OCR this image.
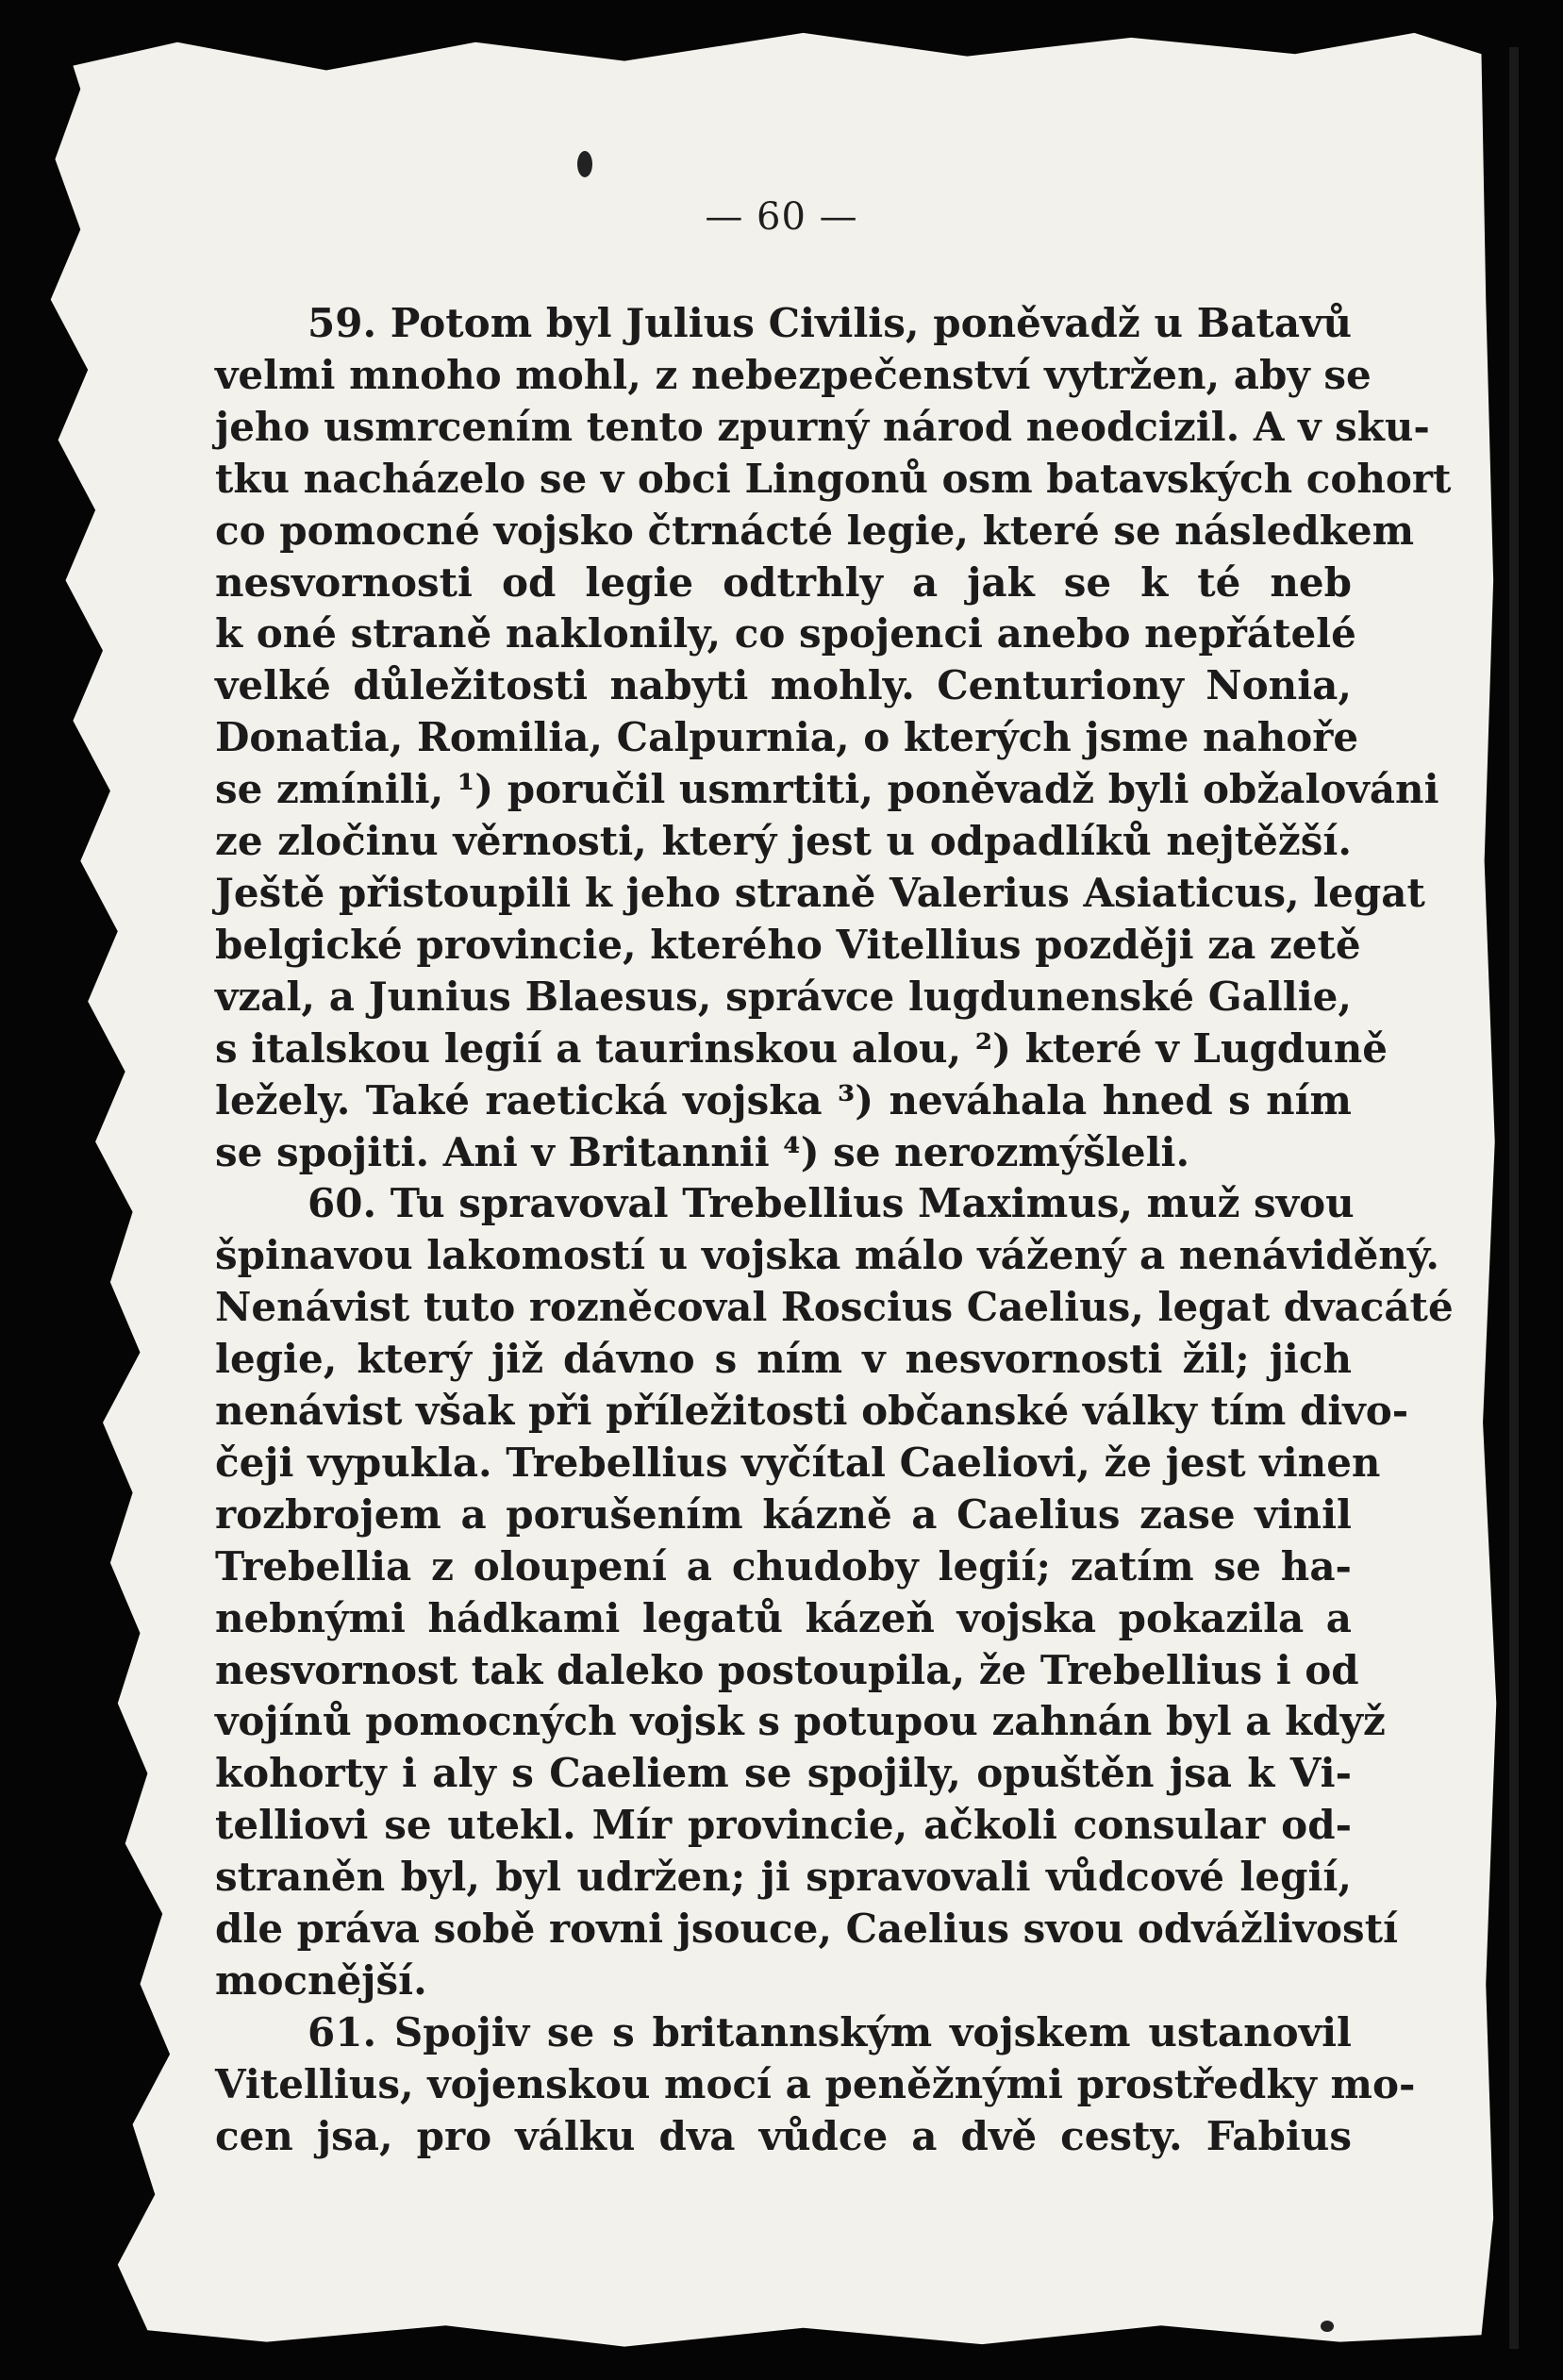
— 60 —
59. Potom byl Julius Civilis, poněvadž u Batavů
velmi mnoho mohl, z nebezpečenství vytržen, aby se
jeho usmrcením tento zpurný národ neodcizil. A v sku-
tku nacházelo se v obci Lingonů osm batavských cohort
co pomocné vojsko čtrnácté legie, které se následkem
nesvornosti od legie odtrhly a jak se k té neb
k oné straně naklonily, co spojenci anebo nepřátelé
velké důležitosti nabyti mohly. Centuriony Nonia,
Donatia, Romilia, Calpurnia, o kterých jsme nahoře
se zmínili, ¹) poručil usmrtiti, poněvadž byli obžalováni
ze zločinu věrnosti, který jest u odpadlíků nejtěžší.
Ještě přistoupili k jeho straně Valerius Asiaticus, legat
belgické provincie, kterého Vitellius později za zetě
vzal, a Junius Blaesus, správce lugdunenské Gallie,
s italskou legií a taurinskou alou, ²) které v Lugduně
ležely. Také raetická vojska ³) neváhala hned s ním
se spojiti. Ani v Britannii ⁴) se nerozmýšleli.
60. Tu spravoval Trebellius Maximus, muž svou
špinavou lakomostí u vojska málo vážený a nenáviděný.
Nenávist tuto rozněcoval Roscius Caelius, legat dvacáté
legie, který již dávno s ním v nesvornosti žil; jich
nenávist však při příležitosti občanské války tím divo-
čeji vypukla. Trebellius vyčítal Caeliovi, že jest vinen
rozbrojem a porušením kázně a Caelius zase vinil
Trebellia z oloupení a chudoby legií; zatím se ha-
nebnými hádkami legatů kázeň vojska pokazila a
nesvornost tak daleko postoupila, že Trebellius i od
vojínů pomocných vojsk s potupou zahnán byl a když
kohorty i aly s Caeliem se spojily, opuštěn jsa k Vi-
telliovi se utekl. Mír provincie, ačkoli consular od-
straněn byl, byl udržen; ji spravovali vůdcové legií,
dle práva sobě rovni jsouce, Caelius svou odvážlivostí
mocnější.
61. Spojiv se s britannským vojskem ustanovil
Vitellius, vojenskou mocí a peněžnými prostředky mo-
cen jsa, pro válku dva vůdce a dvě cesty. Fabius
